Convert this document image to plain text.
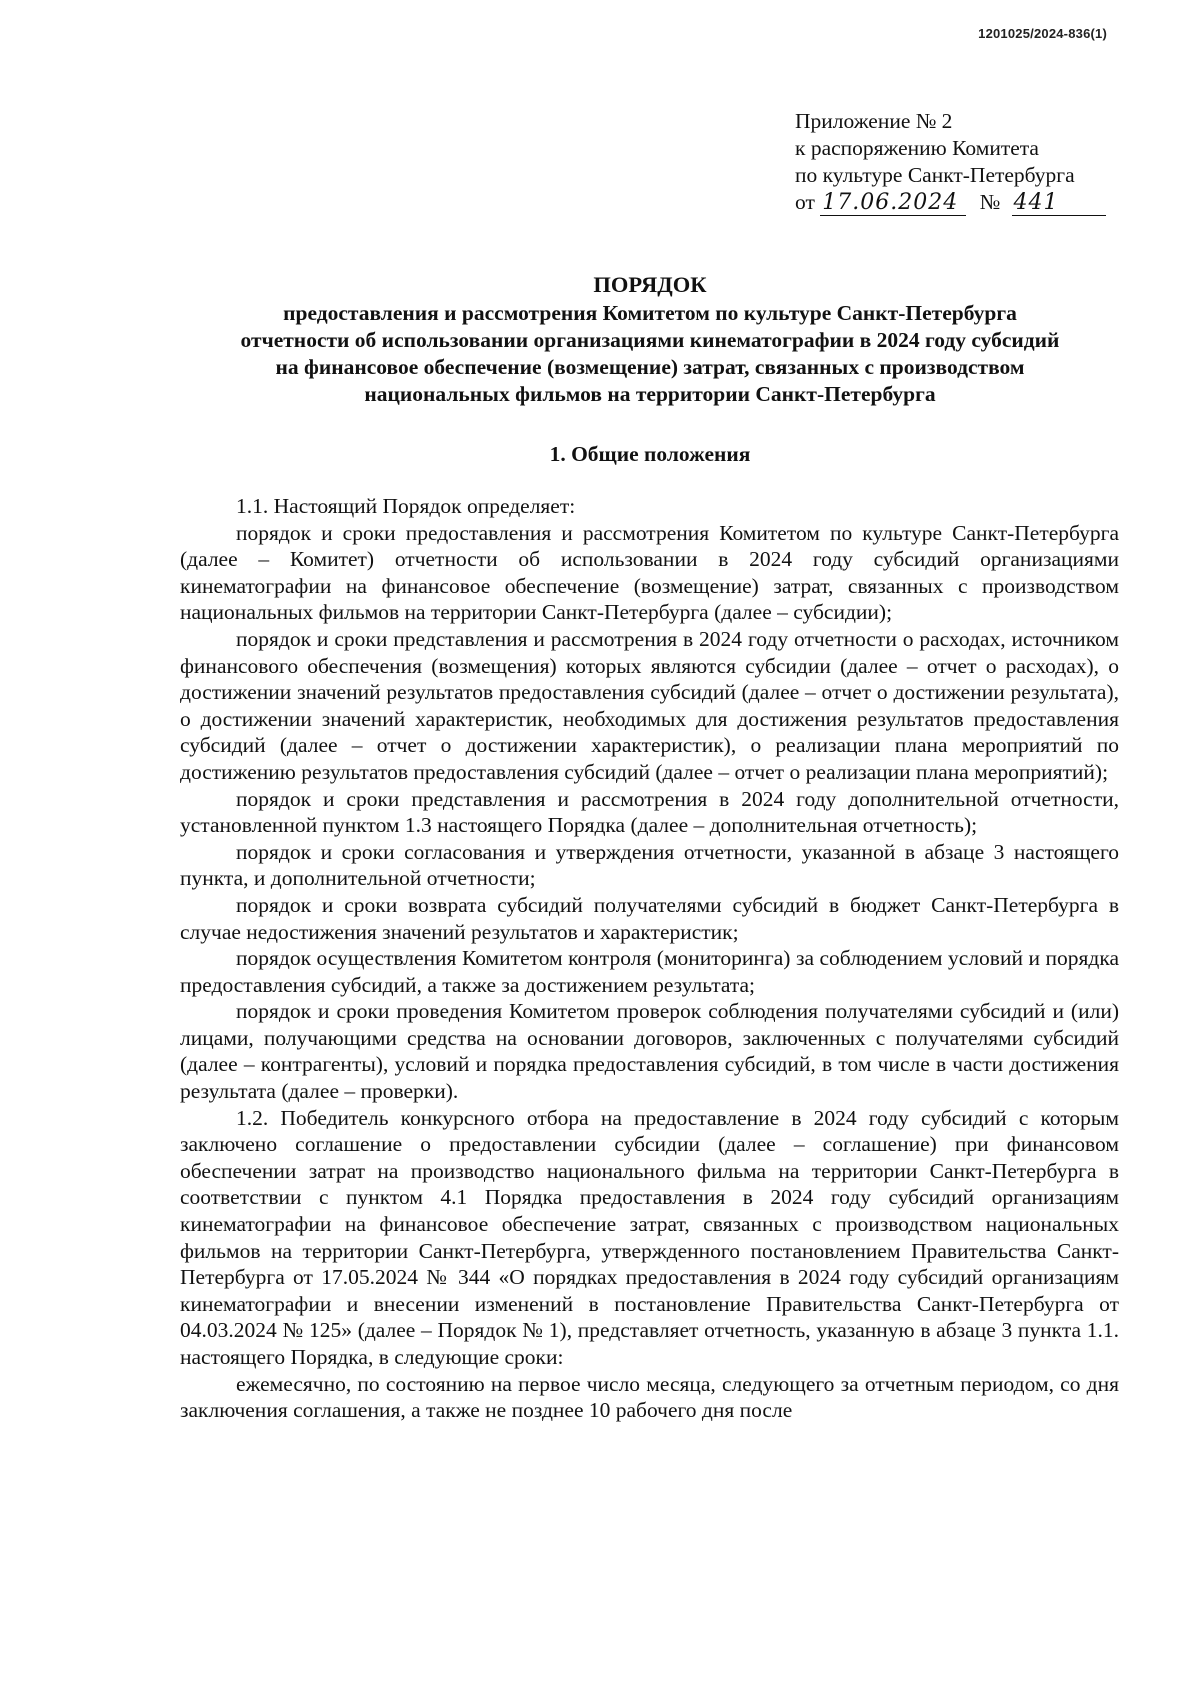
1201025/2024-836(1)
Приложение № 2
к распоряжению Комитета
по культуре Санкт-Петербурга
от 17.06.2024 № 441
ПОРЯДОК
предоставления и рассмотрения Комитетом по культуре Санкт-Петербурга
отчетности об использовании организациями кинематографии в 2024 году субсидий
на финансовое обеспечение (возмещение) затрат, связанных с производством
национальных фильмов на территории Санкт-Петербурга
1. Общие положения

1.1. Настоящий Порядок определяет:

порядок и сроки предоставления и рассмотрения Комитетом по культуре Санкт-Петербурга (далее – Комитет) отчетности об использовании в 2024 году субсидий организациями кинематографии на финансовое обеспечение (возмещение) затрат, связанных с производством национальных фильмов на территории Санкт-Петербурга (далее – субсидии);

порядок и сроки представления и рассмотрения в 2024 году отчетности о расходах, источником финансового обеспечения (возмещения) которых являются субсидии (далее – отчет о расходах), о достижении значений результатов предоставления субсидий (далее – отчет о достижении результата), о достижении значений характеристик, необходимых для достижения результатов предоставления субсидий (далее – отчет о достижении характеристик), о реализации плана мероприятий по достижению результатов предоставления субсидий (далее – отчет о реализации плана мероприятий);

порядок и сроки представления и рассмотрения в 2024 году дополнительной отчетности, установленной пунктом 1.3 настоящего Порядка (далее – дополнительная отчетность);

порядок и сроки согласования и утверждения отчетности, указанной в абзаце 3 настоящего пункта, и дополнительной отчетности;

порядок и сроки возврата субсидий получателями субсидий в бюджет Санкт-Петербурга в случае недостижения значений результатов и характеристик;

порядок осуществления Комитетом контроля (мониторинга) за соблюдением условий и порядка предоставления субсидий, а также за достижением результата;

порядок и сроки проведения Комитетом проверок соблюдения получателями субсидий и (или) лицами, получающими средства на основании договоров, заключенных с получателями субсидий (далее – контрагенты), условий и порядка предоставления субсидий, в том числе в части достижения результата (далее – проверки).

1.2. Победитель конкурсного отбора на предоставление в 2024 году субсидий с которым заключено соглашение о предоставлении субсидии (далее – соглашение) при финансовом обеспечении затрат на производство национального фильма на территории Санкт-Петербурга в соответствии с пунктом 4.1 Порядка предоставления в 2024 году субсидий организациям кинематографии на финансовое обеспечение затрат, связанных с производством национальных фильмов на территории Санкт-Петербурга, утвержденного постановлением Правительства Санкт-Петербурга от 17.05.2024 № 344 «О порядках предоставления в 2024 году субсидий организациям кинематографии и внесении изменений в постановление Правительства Санкт-Петербурга от 04.03.2024 № 125» (далее – Порядок № 1), представляет отчетность, указанную в абзаце 3 пункта 1.1. настоящего Порядка, в следующие сроки:

ежемесячно, по состоянию на первое число месяца, следующего за отчетным периодом, со дня заключения соглашения, а также не позднее 10 рабочего дня после
